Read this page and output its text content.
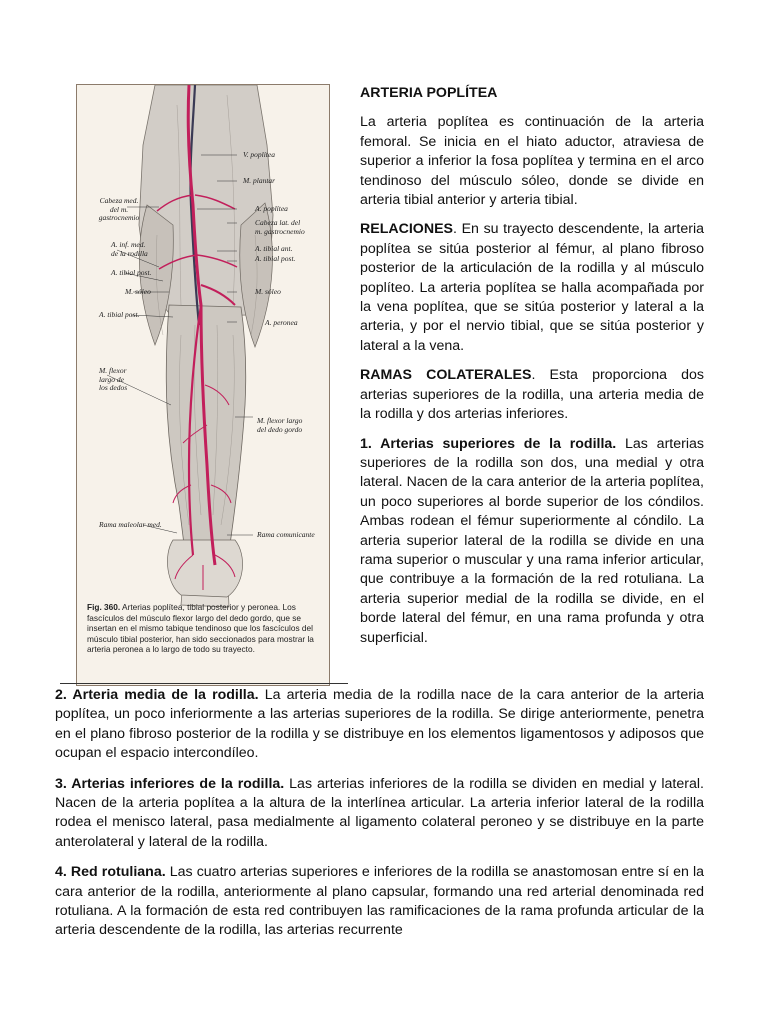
V. poplítea
M. plantar
Cabeza med.
del m.
gastrocnemio
A. poplítea
Cabeza lat. del
m. gastrocnemio
A. inf. med.
de la rodilla	A. tibial ant.
A. tibial post.
A. tibial post.
M. sóleo	M. sóleo
A. tibial post.
A. peronea
M. flexor
largo de
los dedos
M. flexor largo
del dedo gordo
Rama maleolar med.
Rama comunicante
Fig. 360. Arterias poplítea, tibial posterior y peronea. Los fascículos del músculo flexor largo del dedo gordo, que se insertan en el mismo tabique tendinoso que los fascículos del músculo tibial posterior, han sido seccionados para mostrar la arteria peronea a lo largo de todo su trayecto.

ARTERIA POPLÍTEA

La arteria poplítea es continuación de la arteria femoral. Se inicia en el hiato aductor, atraviesa de superior a inferior la fosa poplítea y termina en el arco tendinoso del músculo sóleo, donde se divide en arteria tibial anterior y arteria tibial.

RELACIONES. En su trayecto descendente, la arteria poplítea se sitúa posterior al fémur, al plano fibroso posterior de la articulación de la rodilla y al músculo poplíteo. La arteria poplítea se halla acompañada por la vena poplítea, que se sitúa posterior y lateral a la arteria, y por el nervio tibial, que se sitúa posterior y lateral a la vena.

RAMAS COLATERALES. Esta proporciona dos arterias superiores de la rodilla, una arteria media de la rodilla y dos arterias inferiores.

1. Arterias superiores de la rodilla. Las arterias superiores de la rodilla son dos, una medial y otra lateral. Nacen de la cara anterior de la arteria poplítea, un poco superiores al borde superior de los cóndilos. Ambas rodean el fémur superiormente al cóndilo. La arteria superior lateral de la rodilla se divide en una rama superior o muscular y una rama inferior articular, que contribuye a la formación de la red rotuliana. La arteria superior medial de la rodilla se divide, en el borde lateral del fémur, en una rama profunda y otra superficial.

2. Arteria media de la rodilla. La arteria media de la rodilla nace de la cara anterior de la arteria poplítea, un poco inferiormente a las arterias superiores de la rodilla. Se dirige anteriormente, penetra en el plano fibroso posterior de la rodilla y se distribuye en los elementos ligamentosos y adiposos que ocupan el espacio intercondíleo.

3. Arterias inferiores de la rodilla. Las arterias inferiores de la rodilla se dividen en medial y lateral. Nacen de la arteria poplítea a la altura de la interlínea articular. La arteria inferior lateral de la rodilla rodea el menisco lateral, pasa medialmente al ligamento colateral peroneo y se distribuye en la parte anterolateral y lateral de la rodilla.

4. Red rotuliana. Las cuatro arterias superiores e inferiores de la rodilla se anastomosan entre sí en la cara anterior de la rodilla, anteriormente al plano capsular, formando una red arterial denominada red rotuliana. A la formación de esta red contribuyen las ramificaciones de la rama profunda articular de la arteria descendente de la rodilla, las arterias recurrente
